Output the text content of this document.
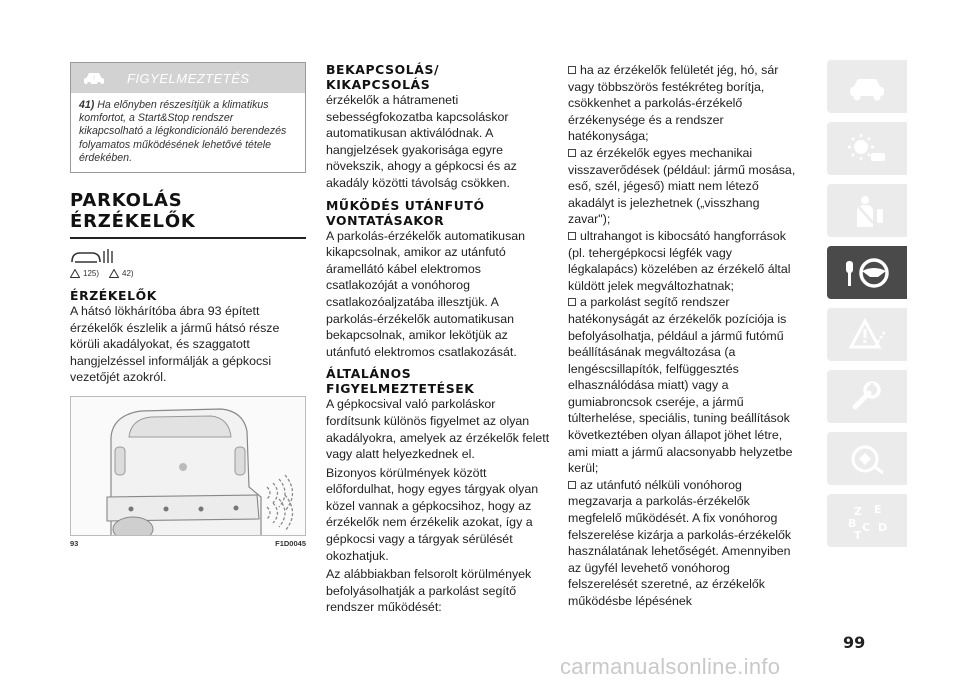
! FIGYELMEZTETÉS
41) Ha előnyben részesítjük a klimatikus komfortot, a Start&Stop rendszer kikapcsolható a légkondicionáló berendezés folyamatos működésének lehetővé tétele érdekében.
PARKOLÁS
ÉRZÉKELŐK
125)	42)
ÉRZÉKELŐK

A hátsó lökhárítóba ábra 93 épített érzékelők észlelik a jármű hátsó része körüli akadályokat, és szaggatott hangjelzéssel informálják a gépkocsi vezetőjét azokról.

93	F1D0045
BEKAPCSOLÁS/
KIKAPCSOLÁS

érzékelők a hátrameneti sebességfokozatba kapcsoláskor automatikusan aktiválódnak. A hangjelzések gyakorisága egyre növekszik, ahogy a gépkocsi és az akadály közötti távolság csökken.

MŰKÖDÉS UTÁNFUTÓ
VONTATÁSAKOR

A parkolás-érzékelők automatikusan kikapcsolnak, amikor az utánfutó áramellátó kábel elektromos csatlakozóját a vonóhorog csatlakozóaljzatába illesztjük. A parkolás-érzékelők automatikusan bekapcsolnak, amikor lekötjük az utánfutó elektromos csatlakozását.

ÁLTALÁNOS
FIGYELMEZTETÉSEK

A gépkocsival való parkoláskor fordítsunk különös figyelmet az olyan akadályokra, amelyek az érzékelők felett vagy alatt helyezkednek el.

Bizonyos körülmények között előfordulhat, hogy egyes tárgyak olyan közel vannak a gépkocsihoz, hogy az érzékelők nem érzékelik azokat, így a gépkocsi vagy a tárgyak sérülését okozhatjuk.

Az alábbiakban felsorolt körülmények befolyásolhatják a parkolást segítő rendszer működését:

ha az érzékelők felületét jég, hó, sár vagy többszörös festékréteg borítja, csökkenhet a parkolás-érzékelő érzékenysége és a rendszer hatékonysága;
az érzékelők egyes mechanikai visszaverődések (például: jármű mosása, eső, szél, jégeső) miatt nem létező akadályt is jelezhetnek („visszhang zavar");
ultrahangot is kibocsátó hangforrások (pl. tehergépkocsi légfék vagy légkalapács) közelében az érzékelő által küldött jelek megváltozhatnak;
a parkolást segítő rendszer hatékonyságát az érzékelők pozíciója is befolyásolhatja, például a jármű futómű beállításának megváltozása (a lengéscsillapítók, felfüggesztés elhasználódása miatt) vagy a gumiabroncsok cseréje, a jármű túlterhelése, speciális, tuning beállítások következtében olyan állapot jöhet létre, ami miatt a jármű alacsonyabb helyzetbe kerül;
az utánfutó nélküli vonóhorog megzavarja a parkolás-érzékelők megfelelő működését. A fix vonóhorog felszerelése kizárja a parkolás-érzékelők használatának lehetőségét. Amennyiben az ügyfél levehető vonóhorog felszerelését szeretné, az érzékelők működésbe lépésének
Z E
B C
T
D
99
carmanualsonline.info
